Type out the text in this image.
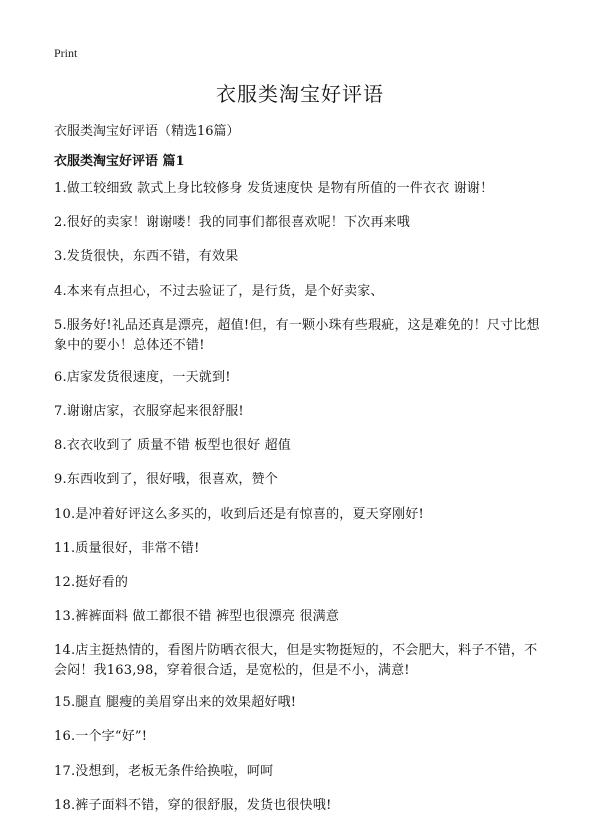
Print
衣服类淘宝好评语
衣服类淘宝好评语（精选16篇）
衣服类淘宝好评语 篇1
1.做工较细致 款式上身比较修身 发货速度快 是物有所值的一件衣衣 谢谢！
2.很好的卖家！谢谢喽！我的同事们都很喜欢呢！下次再来哦
3.发货很快，东西不错，有效果
4.本来有点担心，不过去验证了，是行货，是个好卖家、
5.服务好!礼品还真是漂亮，超值!但，有一颗小珠有些瑕疵，这是难免的！尺寸比想象中的要小！总体还不错!
6.店家发货很速度，一天就到!
7.谢谢店家，衣服穿起来很舒服!
8.衣衣收到了 质量不错 板型也很好 超值
9.东西收到了，很好哦，很喜欢，赞个
10.是冲着好评这么多买的，收到后还是有惊喜的，夏天穿刚好!
11.质量很好，非常不错!
12.挺好看的
13.裤裤面料 做工都很不错 裤型也很漂亮 很满意
14.店主挺热情的，看图片防晒衣很大，但是实物挺短的，不会肥大，料子不错，不会闷！我163,98，穿着很合适，是宽松的，但是不小，满意!
15.腿直 腿瘦的美眉穿出来的效果超好哦!
16.一个字“好”!
17.没想到，老板无条件给换啦，呵呵
18.裤子面料不错，穿的很舒服，发货也很快哦!
